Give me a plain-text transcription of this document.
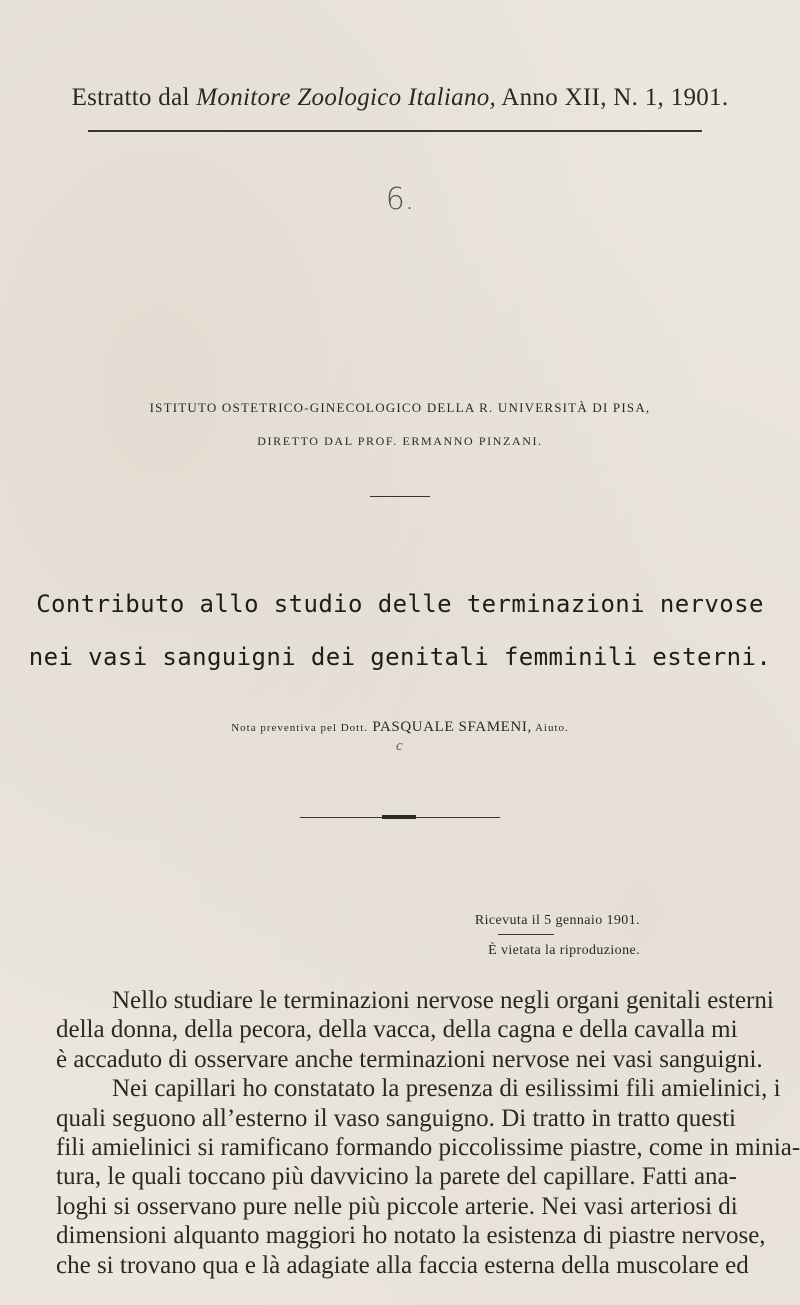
Estratto dal Monitore Zoologico Italiano, Anno XII, N. 1, 1901.
6.
ISTITUTO OSTETRICO-GINECOLOGICO DELLA R. UNIVERSITÀ DI PISA,
DIRETTO DAL PROF. ERMANNO PINZANI.
Contributo allo studio delle terminazioni nervose
nei vasi sanguigni dei genitali femminili esterni.
Nota preventiva pel Dott. PASQUALE SFAMENI, Aiuto.
c
Ricevuta il 5 gennaio 1901.
È vietata la riproduzione.
Nello studiare le terminazioni nervose negli organi genitali esterni
della donna, della pecora, della vacca, della cagna e della cavalla mi
è accaduto di osservare anche terminazioni nervose nei vasi sanguigni.
Nei capillari ho constatato la presenza di esilissimi fili amielinici, i
quali seguono all’esterno il vaso sanguigno. Di tratto in tratto questi
fili amielinici si ramificano formando piccolissime piastre, come in minia-
tura, le quali toccano più davvicino la parete del capillare. Fatti ana-
loghi si osservano pure nelle più piccole arterie. Nei vasi arteriosi di
dimensioni alquanto maggiori ho notato la esistenza di piastre nervose,
che si trovano qua e là adagiate alla faccia esterna della muscolare ed
